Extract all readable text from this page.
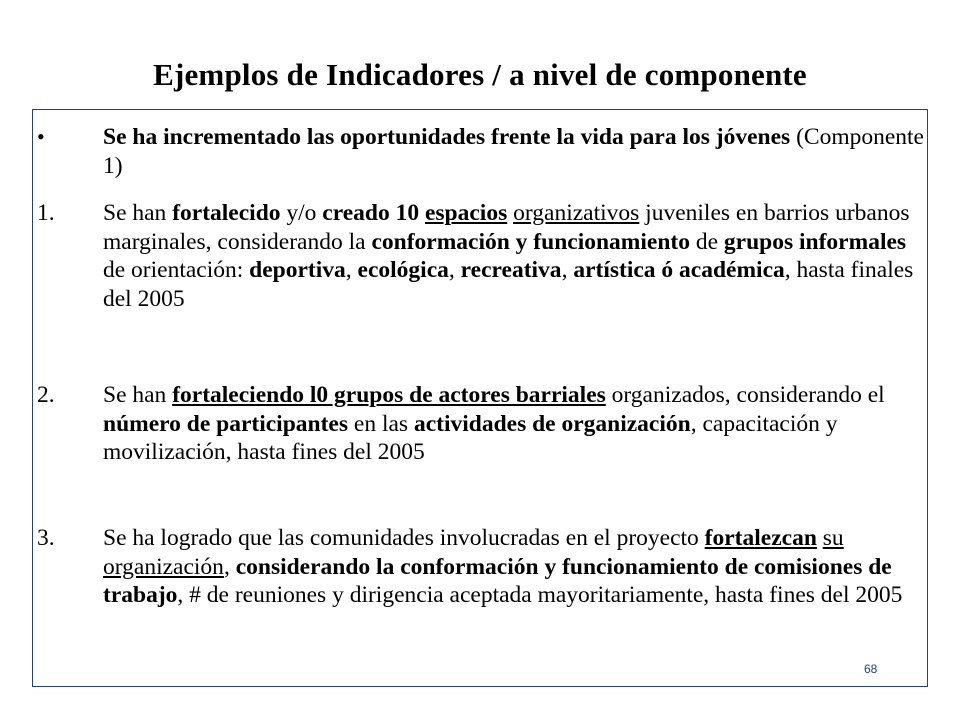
Ejemplos de Indicadores / a nivel de componente
• Se ha incrementado las oportunidades frente la vida para los jóvenes (Componente 1)
1. Se han fortalecido y/o creado 10 espacios organizativos juveniles en barrios urbanos marginales, considerando la conformación y funcionamiento de grupos informales de orientación: deportiva, ecológica, recreativa, artística ó académica, hasta finales del 2005
2. Se han fortaleciendo l0 grupos de actores barriales organizados, considerando el número de participantes en las actividades de organización, capacitación y movilización, hasta fines del 2005
3. Se ha logrado que las comunidades involucradas en el proyecto fortalezcan su organización, considerando la conformación y funcionamiento de comisiones de trabajo, # de reuniones y dirigencia aceptada mayoritariamente, hasta fines del 2005
68
